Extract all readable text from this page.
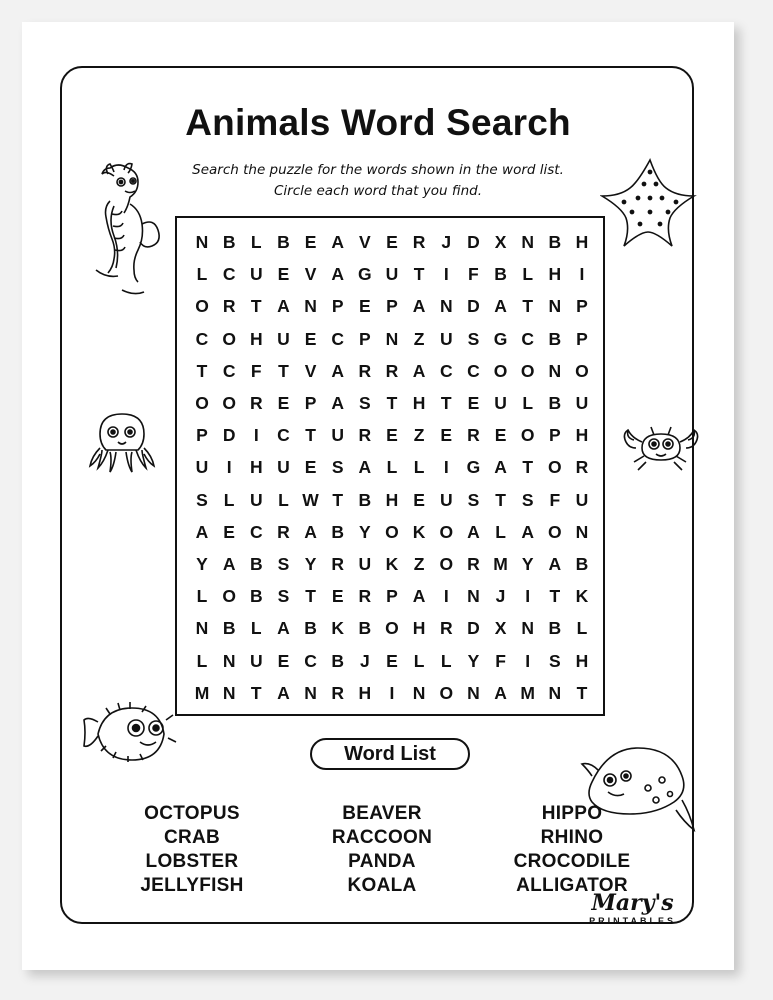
Animals Word Search
Search the puzzle for the words shown in the word list.
Circle each word that you find.
N B L B E A V E R J D X N B H
L C U E V A G U T	I	F B L H	I
O R T A N P E P A N D A T N P
C O H U E C P N Z U S G C B P
T C F T V A R R A C C O O N O
O O R E P A S T H T E U L B U
P D	I	C T U R E Z E R E O P H
U	I	H U E S A L L	I	G A T O R
S L U L W T B H E U S T S F U
A E C R A B Y O K O A L A O N
Y A B S Y R U K Z O R M Y A B
L O B S T E R P A	I	N J	I	T K
N B L A B K B O H R D X N B L
L N U E C B J E L L Y F	I	S H
M N T A N R H	I	N O N A M N T
Word List
OCTOPUS
CRAB
LOBSTER
JELLYFISH
BEAVER
RACCOON
PANDA
KOALA
HIPPO
RHINO
CROCODILE
ALLIGATOR
Mary's
PRINTABLES
